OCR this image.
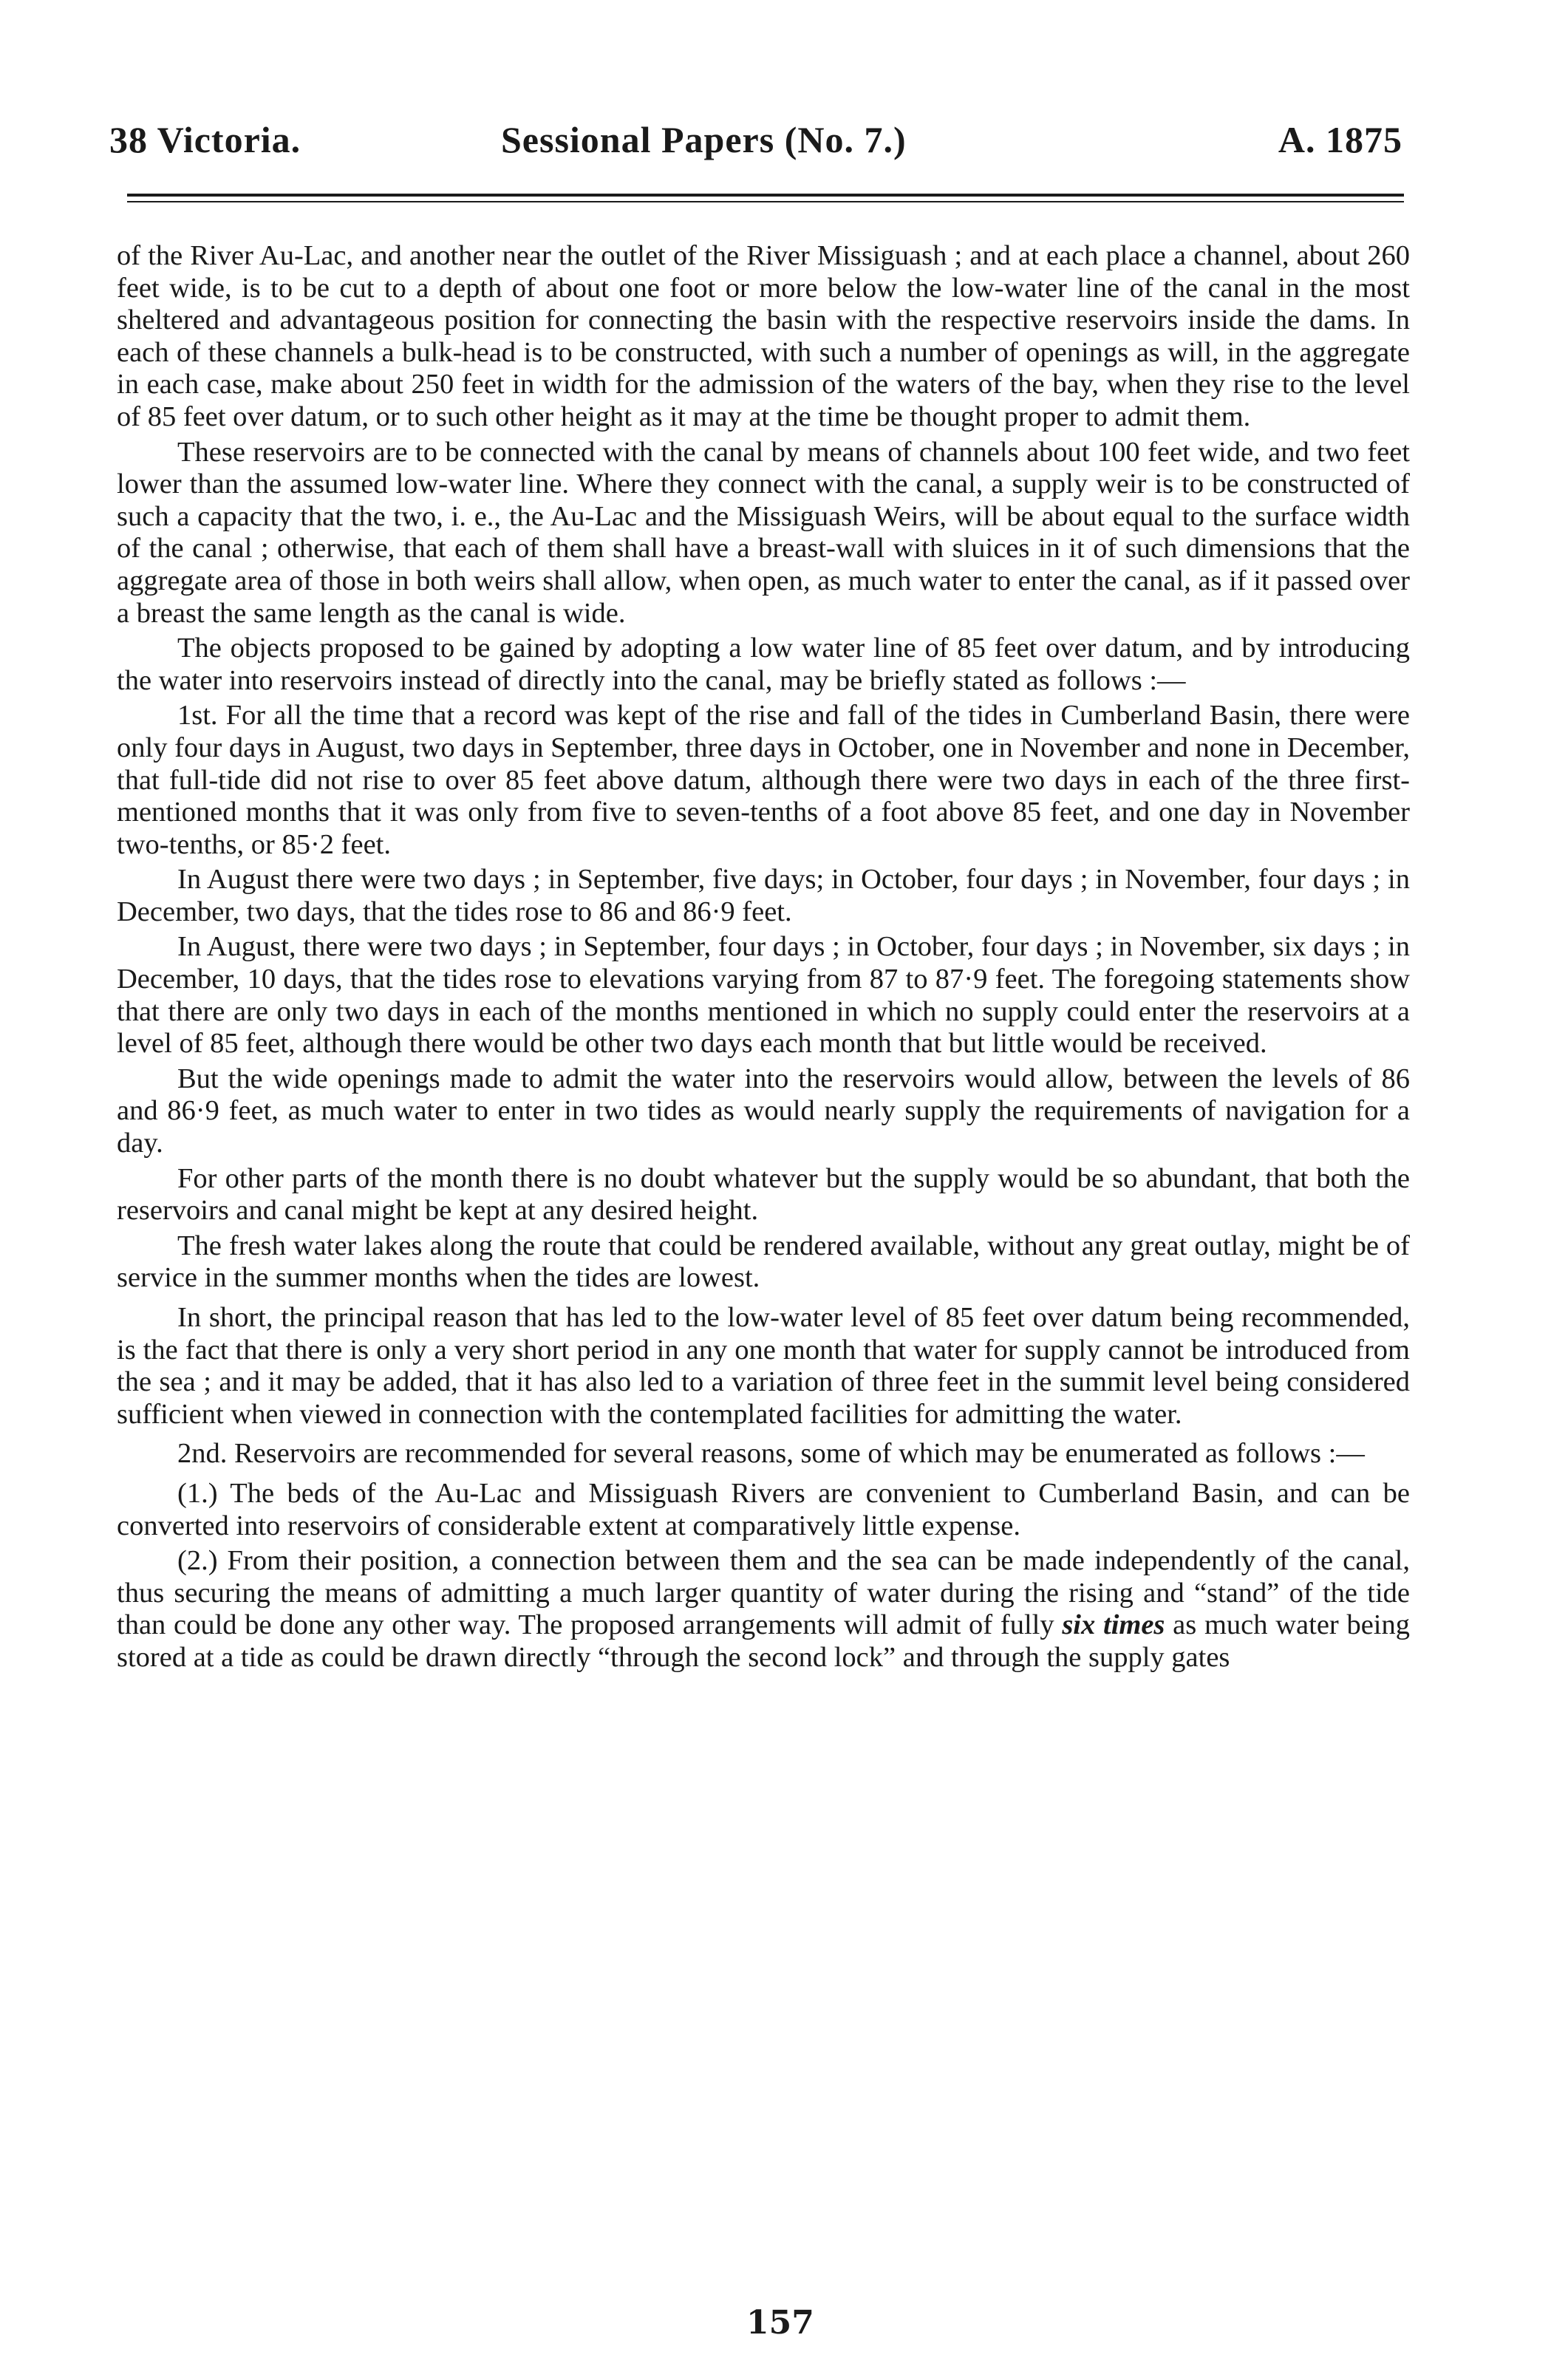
38 Victoria.	Sessional Papers (No. 7.)	A. 1875

of the River Au-Lac, and another near the outlet of the River Missiguash ; and at each place a channel, about 260 feet wide, is to be cut to a depth of about one foot or more below the low-water line of the canal in the most sheltered and advantageous position for connecting the basin with the respective reservoirs inside the dams. In each of these channels a bulk-head is to be constructed, with such a number of openings as will, in the aggregate in each case, make about 250 feet in width for the admission of the waters of the bay, when they rise to the level of 85 feet over datum, or to such other height as it may at the time be thought proper to admit them.

These reservoirs are to be connected with the canal by means of channels about 100 feet wide, and two feet lower than the assumed low-water line. Where they connect with the canal, a supply weir is to be constructed of such a capacity that the two, i. e., the Au-Lac and the Missiguash Weirs, will be about equal to the surface width of the canal ; otherwise, that each of them shall have a breast-wall with sluices in it of such dimensions that the aggregate area of those in both weirs shall allow, when open, as much water to enter the canal, as if it passed over a breast the same length as the canal is wide.

The objects proposed to be gained by adopting a low water line of 85 feet over datum, and by introducing the water into reservoirs instead of directly into the canal, may be briefly stated as follows :—

1st. For all the time that a record was kept of the rise and fall of the tides in Cumberland Basin, there were only four days in August, two days in September, three days in October, one in November and none in December, that full-tide did not rise to over 85 feet above datum, although there were two days in each of the three first-mentioned months that it was only from five to seven-tenths of a foot above 85 feet, and one day in November two-tenths, or 85·2 feet.

In August there were two days ; in September, five days; in October, four days ; in November, four days ; in December, two days, that the tides rose to 86 and 86·9 feet.

In August, there were two days ; in September, four days ; in October, four days ; in November, six days ; in December, 10 days, that the tides rose to elevations varying from 87 to 87·9 feet. The foregoing statements show that there are only two days in each of the months mentioned in which no supply could enter the reservoirs at a level of 85 feet, although there would be other two days each month that but little would be received.

But the wide openings made to admit the water into the reservoirs would allow, between the levels of 86 and 86·9 feet, as much water to enter in two tides as would nearly supply the requirements of navigation for a day.

For other parts of the month there is no doubt whatever but the supply would be so abundant, that both the reservoirs and canal might be kept at any desired height.

The fresh water lakes along the route that could be rendered available, without any great outlay, might be of service in the summer months when the tides are lowest.

In short, the principal reason that has led to the low-water level of 85 feet over datum being recommended, is the fact that there is only a very short period in any one month that water for supply cannot be introduced from the sea ; and it may be added, that it has also led to a variation of three feet in the summit level being considered sufficient when viewed in connection with the contemplated facilities for admitting the water.

2nd. Reservoirs are recommended for several reasons, some of which may be enumerated as follows :—

(1.) The beds of the Au-Lac and Missiguash Rivers are convenient to Cumberland Basin, and can be converted into reservoirs of considerable extent at comparatively little expense.

(2.) From their position, a connection between them and the sea can be made independently of the canal, thus securing the means of admitting a much larger quantity of water during the rising and “stand” of the tide than could be done any other way. The proposed arrangements will admit of fully six times as much water being stored at a tide as could be drawn directly “through the second lock” and through the supply gates

157
